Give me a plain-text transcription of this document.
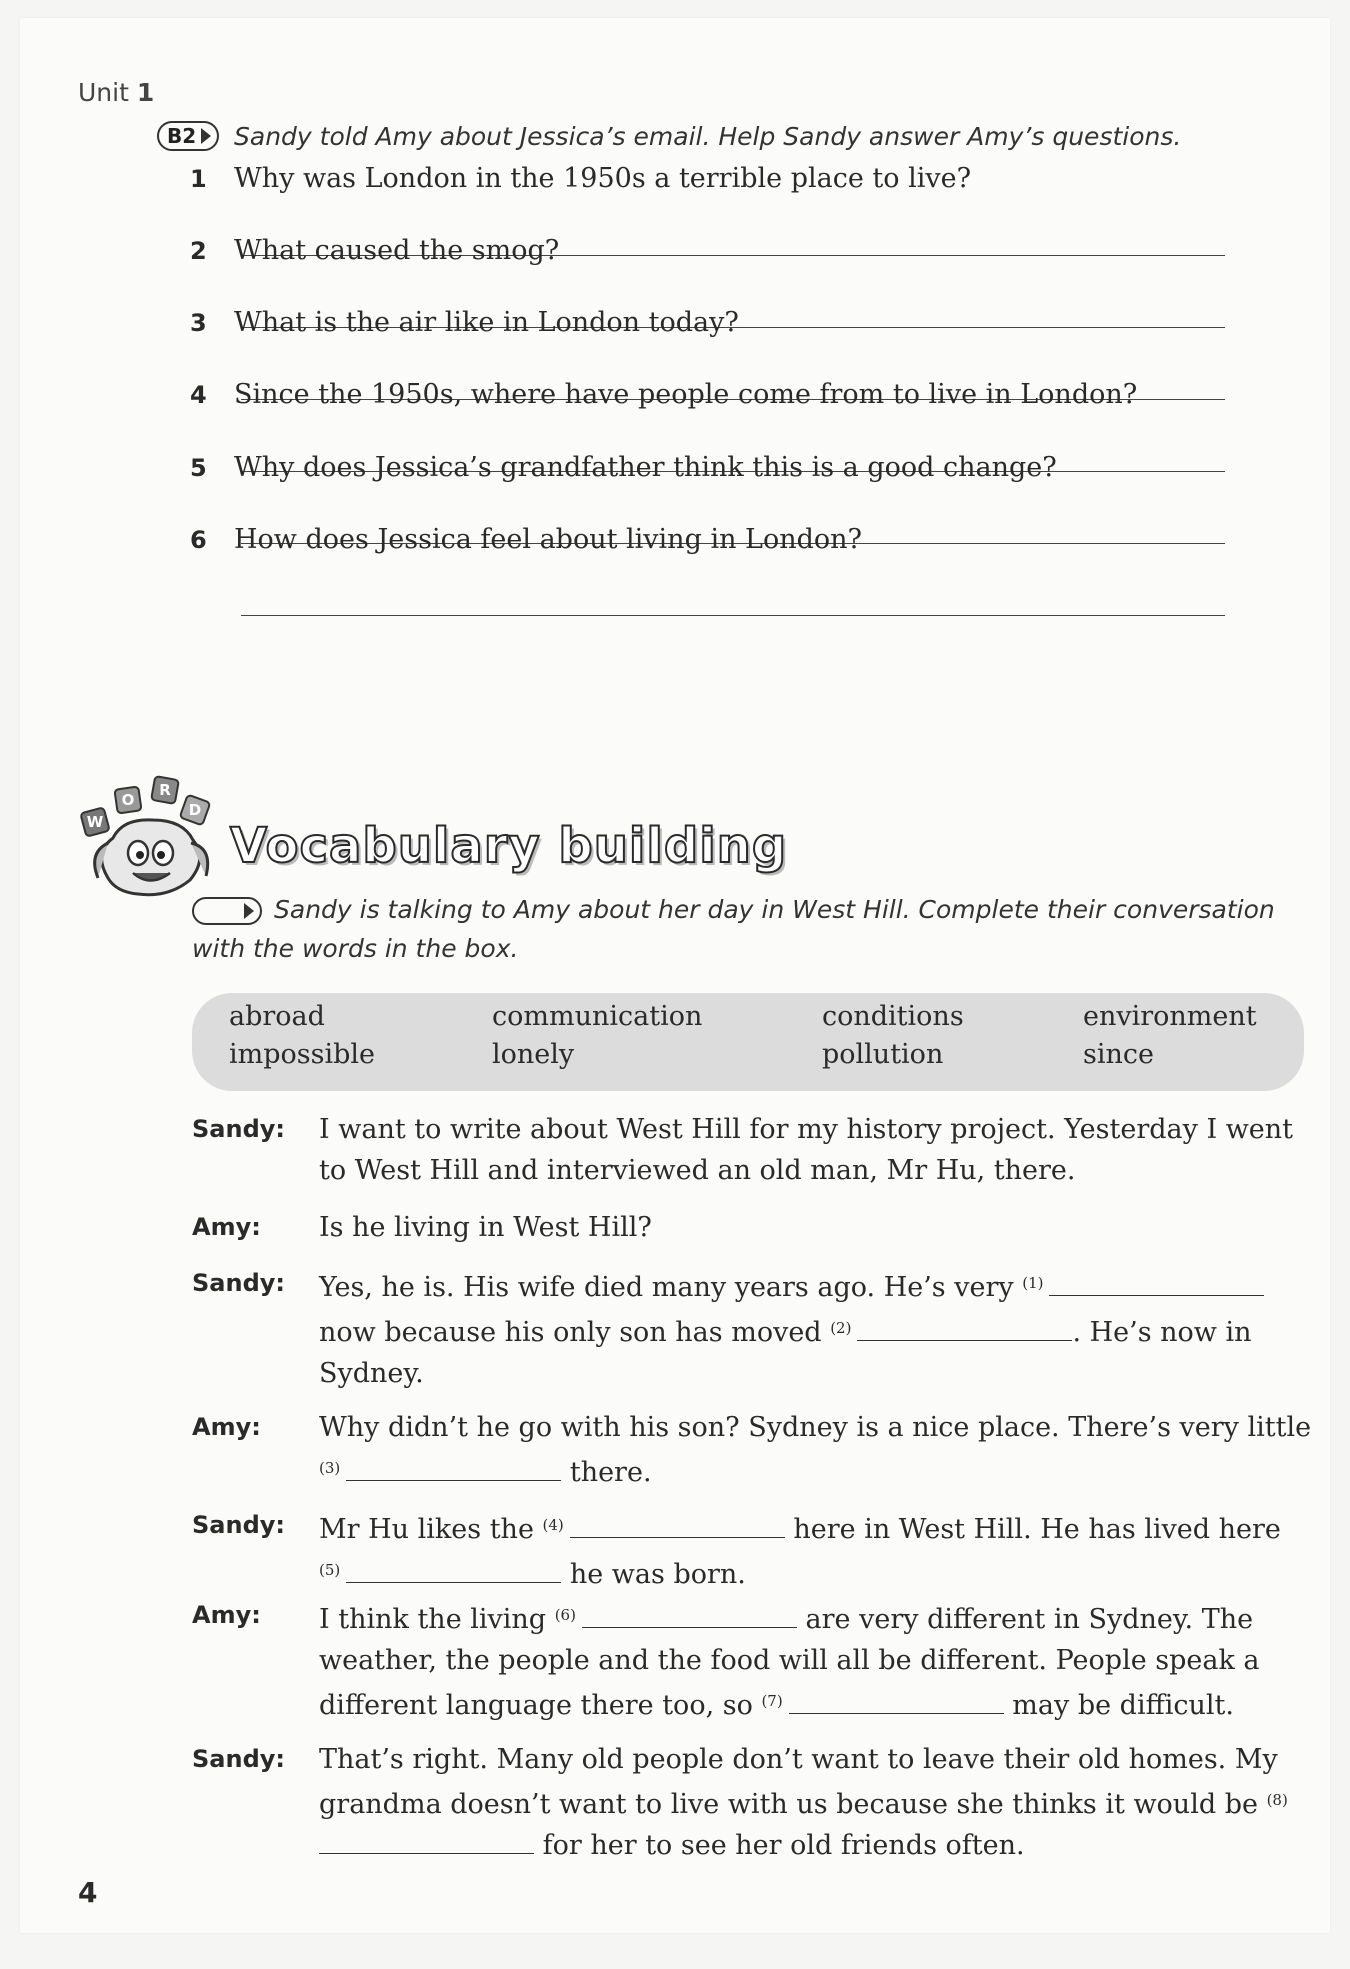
Unit 1
B2 Sandy told Amy about Jessica’s email. Help Sandy answer Amy’s questions.
1 Why was London in the 1950s a terrible place to live?
2 What caused the smog?
3 What is the air like in London today?
4 Since the 1950s, where have people come from to live in London?
5 Why does Jessica’s grandfather think this is a good change?
6 How does Jessica feel about living in London?
W
O
R
D
Vocabulary building
Sandy is talking to Amy about her day in West Hill. Complete their conversation with the words in the box.
abroad	communication	conditions	environment
impossible	lonely	pollution	since
Sandy: I want to write about West Hill for my history project. Yesterday I went to West Hill and interviewed an old man, Mr Hu, there.
Amy: Is he living in West Hill?
Sandy: Yes, he is. His wife died many years ago. He’s very $^{(1)}$ now because his only son has moved $^{(2)}$	. He’s now in Sydney.
Amy: Why didn’t he go with his son? Sydney is a nice place. There’s very little $^{(3)}$	there.
Sandy: Mr Hu likes the $^{(4)}$	here in West Hill. He has lived here $^{(5)}$	he was born.
Amy: I think the living $^{(6)}$	are very different in Sydney. The weather, the people and the food will all be different. People speak a different language there too, so $^{(7)}$	may be difficult.
Sandy: That’s right. Many old people don’t want to leave their old homes. My grandma doesn’t want to live with us because she thinks it would be $^{(8)}$ for her to see her old friends often.
4
